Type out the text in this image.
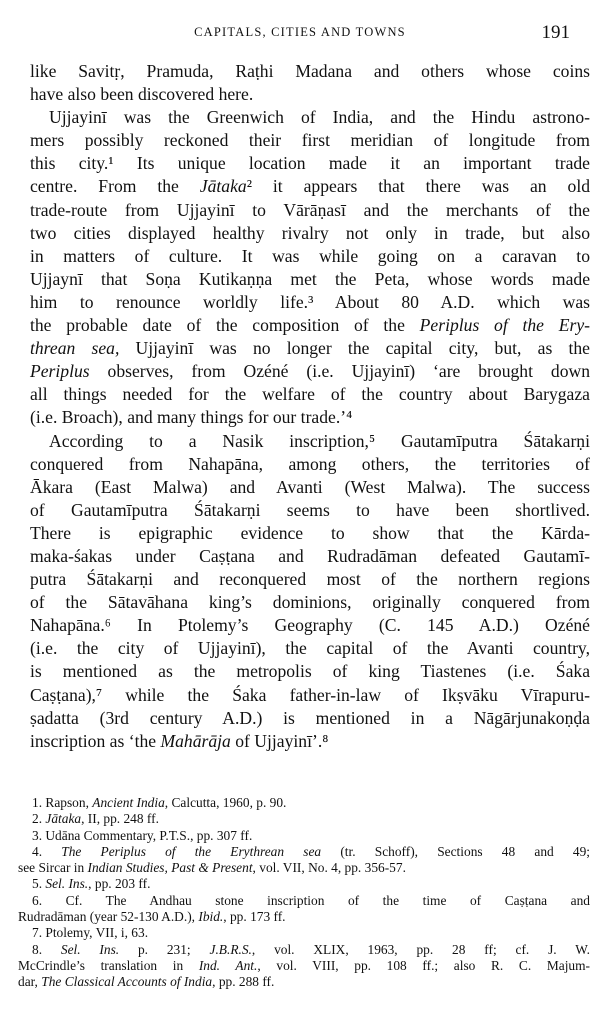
CAPITALS, CITIES AND TOWNS	191
like Savitṛ, Pramuda, Raṭhi Madana and others whose coins
have also been discovered here.
Ujjayinī was the Greenwich of India, and the Hindu astrono-
mers possibly reckoned their first meridian of longitude from
this city.¹ Its unique location made it an important trade
centre. From the Jātaka² it appears that there was an old
trade-route from Ujjayinī to Vārāṇasī and the merchants of the
two cities displayed healthy rivalry not only in trade, but also
in matters of culture. It was while going on a caravan to
Ujjaynī that Soṇa Kutikaṇṇa met the Peta, whose words made
him to renounce worldly life.³ About 80 A.D. which was
the probable date of the composition of the Periplus of the Ery-
threan sea, Ujjayinī was no longer the capital city, but, as the
Periplus observes, from Ozéné (i.e. Ujjayinī) ‘are brought down
all things needed for the welfare of the country about Barygaza
(i.e. Broach), and many things for our trade.’⁴
According to a Nasik inscription,⁵ Gautamīputra Śātakarṇi
conquered from Nahapāna, among others, the territories of
Ākara (East Malwa) and Avanti (West Malwa). The success
of Gautamīputra Śātakarṇi seems to have been shortlived.
There is epigraphic evidence to show that the Kārda-
maka-śakas under Caṣṭana and Rudradāman defeated Gautamī-
putra Śātakarṇi and reconquered most of the northern regions
of the Sātavāhana king’s dominions, originally conquered from
Nahapāna.⁶ In Ptolemy’s Geography (C. 145 A.D.) Ozéné
(i.e. the city of Ujjayinī), the capital of the Avanti country,
is mentioned as the metropolis of king Tiastenes (i.e. Śaka
Caṣṭana),⁷ while the Śaka father-in-law of Ikṣvāku Vīrapuru-
ṣadatta (3rd century A.D.) is mentioned in a Nāgārjunakoṇḍa
inscription as ‘the Mahārāja of Ujjayinī’.⁸
1. Rapson, Ancient India, Calcutta, 1960, p. 90.
2. Jātaka, II, pp. 248 ff.
3. Udāna Commentary, P.T.S., pp. 307 ff.
4. The Periplus of the Erythrean sea (tr. Schoff), Sections 48 and 49;
see Sircar in Indian Studies, Past & Present, vol. VII, No. 4, pp. 356-57.
5. Sel. Ins., pp. 203 ff.
6. Cf. The Andhau stone inscription of the time of Caṣṭana and
Rudradāman (year 52-130 A.D.), Ibid., pp. 173 ff.
7. Ptolemy, VII, i, 63.
8. Sel. Ins. p. 231; J.B.R.S., vol. XLIX, 1963, pp. 28 ff; cf. J. W.
McCrindle’s translation in Ind. Ant., vol. VIII, pp. 108 ff.; also R. C. Majum-
dar, The Classical Accounts of India, pp. 288 ff.
